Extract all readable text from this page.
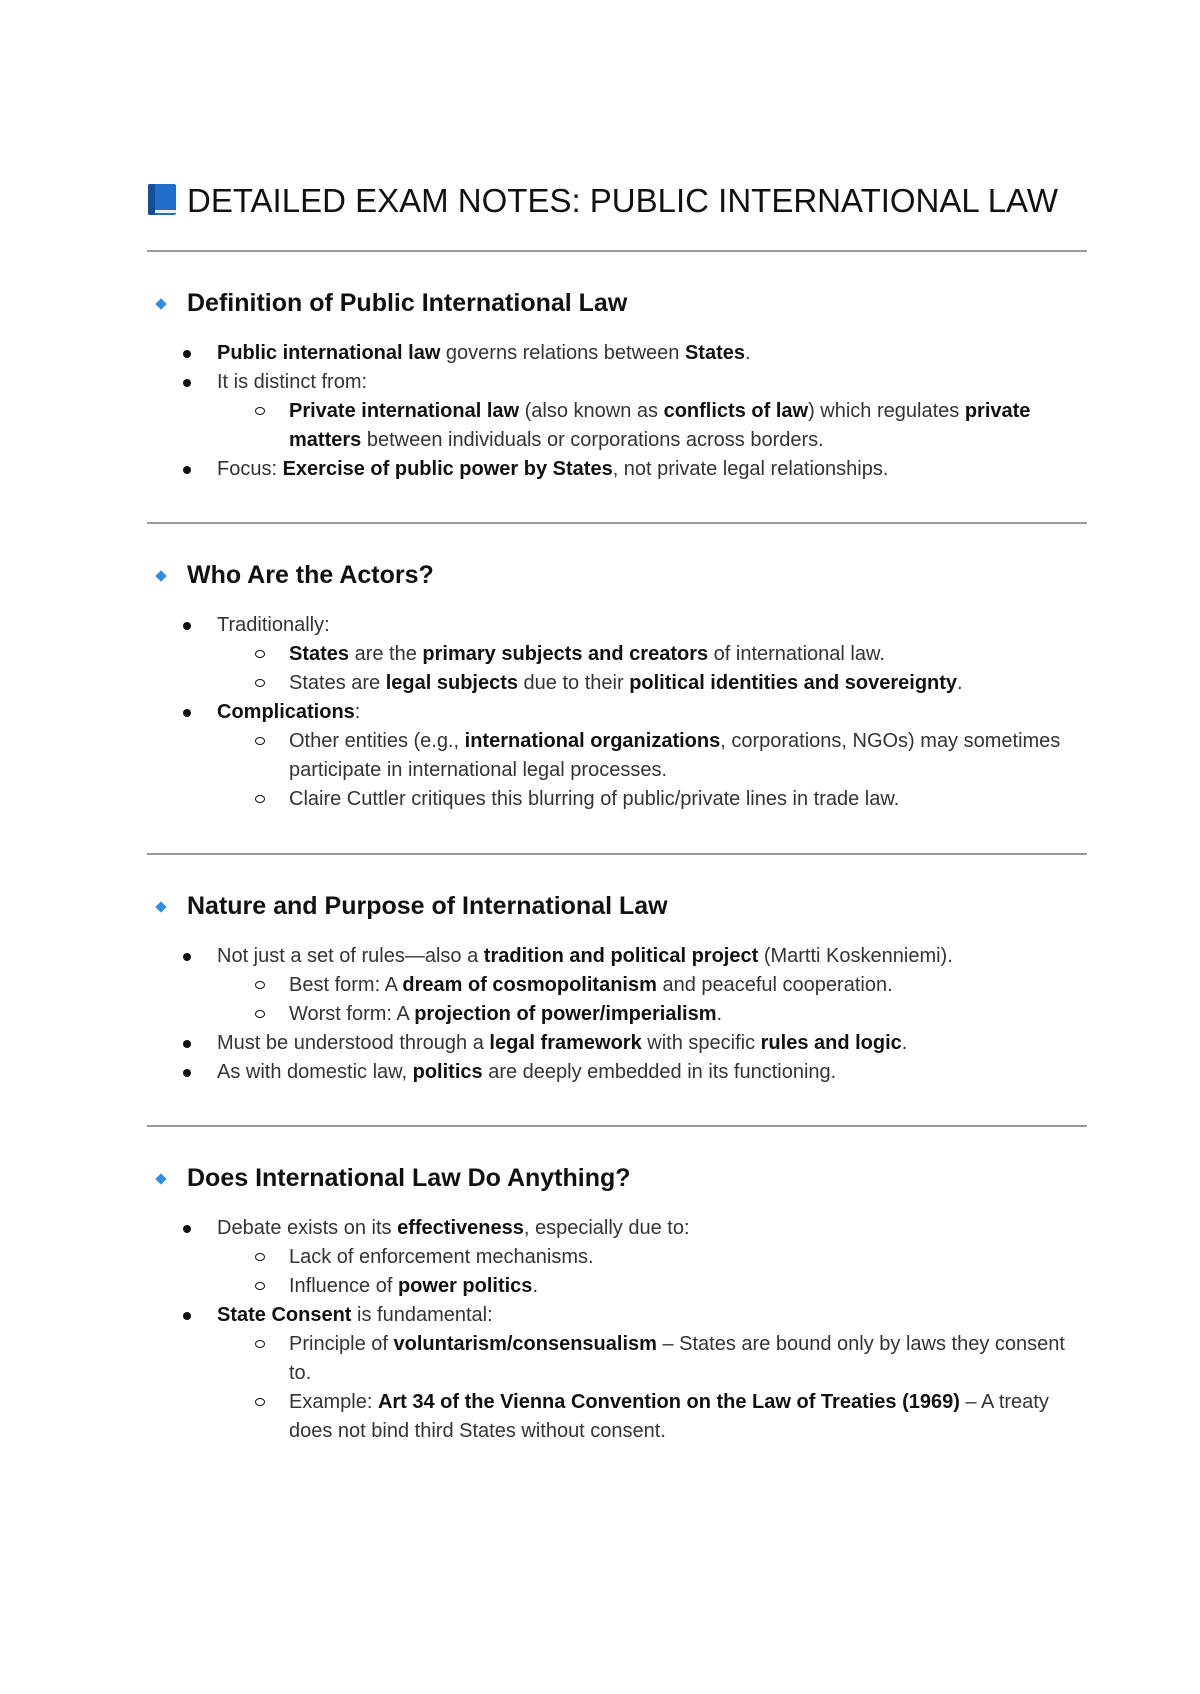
DETAILED EXAM NOTES: PUBLIC INTERNATIONAL LAW
Definition of Public International Law
Public international law governs relations between States.
It is distinct from:
Private international law (also known as conflicts of law) which regulates private matters between individuals or corporations across borders.
Focus: Exercise of public power by States, not private legal relationships.
Who Are the Actors?
Traditionally:
States are the primary subjects and creators of international law.
States are legal subjects due to their political identities and sovereignty.
Complications:
Other entities (e.g., international organizations, corporations, NGOs) may sometimes participate in international legal processes.
Claire Cuttler critiques this blurring of public/private lines in trade law.
Nature and Purpose of International Law
Not just a set of rules—also a tradition and political project (Martti Koskenniemi).
Best form: A dream of cosmopolitanism and peaceful cooperation.
Worst form: A projection of power/imperialism.
Must be understood through a legal framework with specific rules and logic.
As with domestic law, politics are deeply embedded in its functioning.
Does International Law Do Anything?
Debate exists on its effectiveness, especially due to:
Lack of enforcement mechanisms.
Influence of power politics.
State Consent is fundamental:
Principle of voluntarism/consensualism – States are bound only by laws they consent to.
Example: Art 34 of the Vienna Convention on the Law of Treaties (1969) – A treaty does not bind third States without consent.
